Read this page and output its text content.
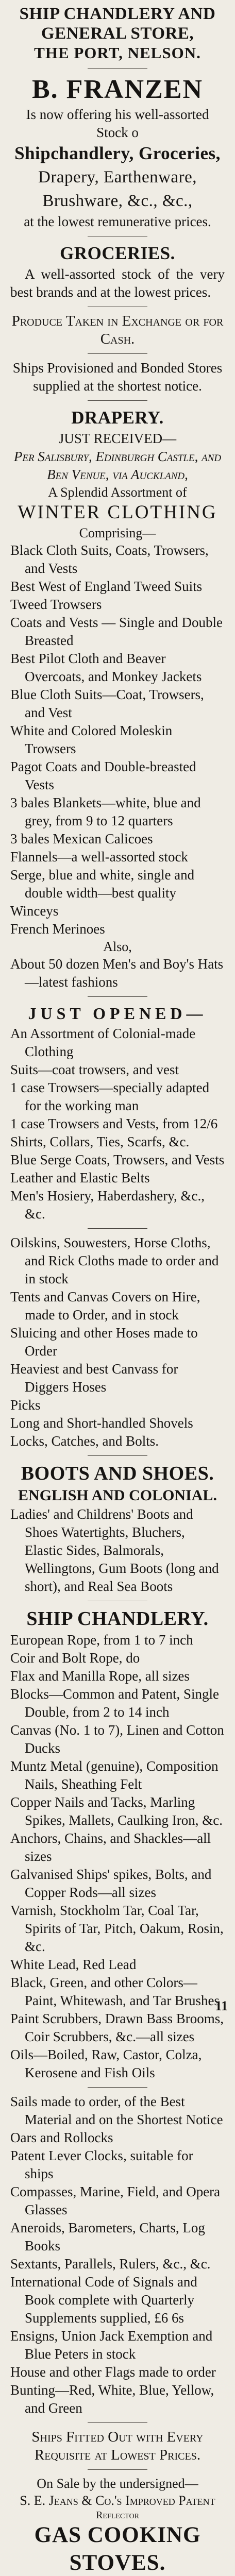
SHIP CHANDLERY AND
GENERAL STORE,
THE PORT, NELSON.
B. FRANZEN
Is now offering his well-assorted Stock o
Shipchandlery, Groceries,
Drapery, Earthenware,
Brushware, &c., &c.,
at the lowest remunerative prices.
GROCERIES.

A well-assorted stock of the very best brands and at the lowest prices.

Produce Taken in Exchange or for Cash.

Ships Provisioned and Bonded Stores supplied at the shortest notice.

DRAPERY.
JUST RECEIVED—
Per Salisbury, Edinburgh Castle, and
Ben Venue, via Auckland,
A Splendid Assortment of
WINTER CLOTHING
Comprising—

Black Cloth Suits, Coats, Trowsers, and Vests

Best West of England Tweed Suits

Tweed Trowsers

Coats and Vests — Single and Double Breasted

Best Pilot Cloth and Beaver Overcoats, and Monkey Jackets

Blue Cloth Suits—Coat, Trowsers, and Vest

White and Colored Moleskin Trowsers

Pagot Coats and Double-breasted Vests

3 bales Blankets—white, blue and grey, from 9 to 12 quarters

3 bales Mexican Calicoes

Flannels—a well-assorted stock

Serge, blue and white, single and double width—best quality

Winceys

French Merinoes

Also,

About 50 dozen Men's and Boy's Hats—latest fashions

JUST OPENED—

An Assortment of Colonial-made Clothing

Suits—coat trowsers, and vest

1 case Trowsers—specially adapted for the working man

1 case Trowsers and Vests, from 12/6

Shirts, Collars, Ties, Scarfs, &c.

Blue Serge Coats, Trowsers, and Vests

Leather and Elastic Belts

Men's Hosiery, Haberdashery, &c., &c.

Oilskins, Souwesters, Horse Cloths, and Rick Cloths made to order and in stock

Tents and Canvas Covers on Hire, made to Order, and in stock

Sluicing and other Hoses made to Order

Heaviest and best Canvass for Diggers Hoses

Picks

Long and Short-handled Shovels

Locks, Catches, and Bolts.

BOOTS AND SHOES.
ENGLISH AND COLONIAL.

Ladies' and Childrens' Boots and Shoes Watertights, Bluchers, Elastic Sides, Balmorals, Wellingtons, Gum Boots (long and short), and Real Sea Boots

SHIP CHANDLERY.

European Rope, from 1 to 7 inch

Coir and Bolt Rope, do

Flax and Manilla Rope, all sizes

Blocks—Common and Patent, Single Double, from 2 to 14 inch

Canvas (No. 1 to 7), Linen and Cotton Ducks

Muntz Metal (genuine), Composition Nails, Sheathing Felt

Copper Nails and Tacks, Marling Spikes, Mallets, Caulking Iron, &c.

Anchors, Chains, and Shackles—all sizes

Galvanised Ships' spikes, Bolts, and Copper Rods—all sizes

Varnish, Stockholm Tar, Coal Tar, Spirits of Tar, Pitch, Oakum, Rosin, &c.

White Lead, Red Lead

Black, Green, and other Colors—Paint, Whitewash, and Tar Brushes

Paint Scrubbers, Drawn Bass Brooms, Coir Scrubbers, &c.—all sizes

Oils—Boiled, Raw, Castor, Colza, Kerosene and Fish Oils

Sails made to order, of the Best Material and on the Shortest Notice

Oars and Rollocks

Patent Lever Clocks, suitable for ships

Compasses, Marine, Field, and Opera Glasses

Aneroids, Barometers, Charts, Log Books

Sextants, Parallels, Rulers, &c., &c.

International Code of Signals and Book complete with Quarterly Supplements supplied, £6 6s

Ensigns, Union Jack Exemption and Blue Peters in stock

House and other Flags made to order

Bunting—Red, White, Blue, Yellow, and Green

Ships Fitted Out with Every Requisite at Lowest Prices.

On Sale by the undersigned—
S. E. Jeans & Co.'s Improved Patent
Reflector
GAS COOKING STOVES.

11
